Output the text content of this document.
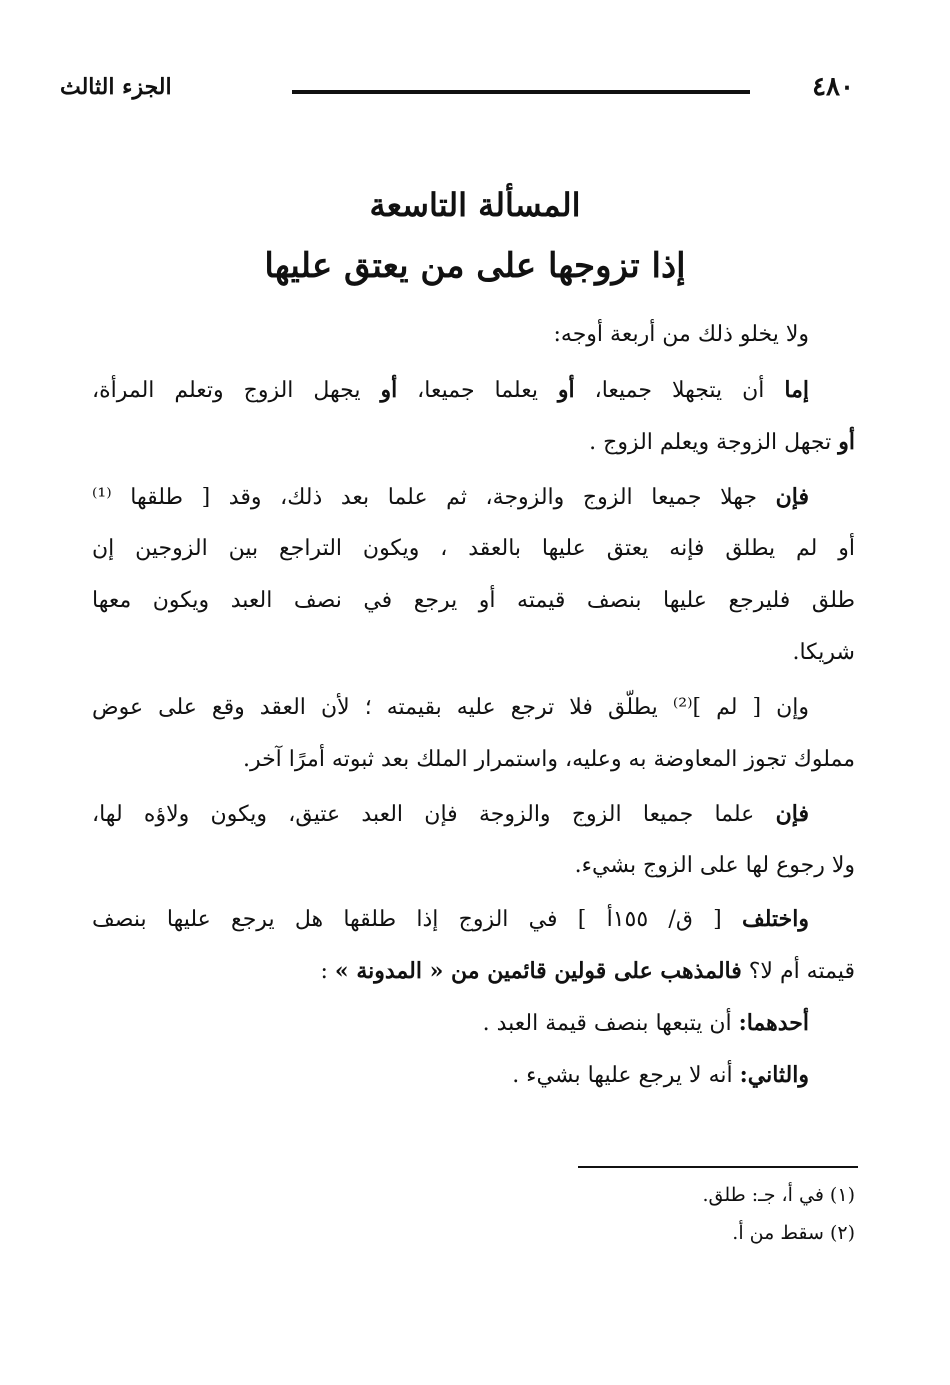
الجزء الثالث	٤٨٠
المسألة التاسعة
إذا تزوجها على من يعتق عليها
ولا يخلو ذلك من أربعة أوجه:
إما أن يتجهلا جميعا، أو يعلما جميعا، أو يجهل الزوج وتعلم المرأة،
أو تجهل الزوجة ويعلم الزوج .
فإن جهلا جميعا الزوج والزوجة، ثم علما بعد ذلك، وقد [ طلقها ⁽¹⁾
أو لم يطلق فإنه يعتق عليها بالعقد ، ويكون التراجع بين الزوجين إن
طلق فليرجع عليها بنصف قيمته أو يرجع في نصف العبد ويكون معها
شريكا.
وإن [ لم ]⁽²⁾ يطلّق فلا ترجع عليه بقيمته ؛ لأن العقد وقع على عوض
مملوك تجوز المعاوضة به وعليه، واستمرار الملك بعد ثبوته أمرًا آخر.
فإن علما جميعا الزوج والزوجة فإن العبد عتيق، ويكون ولاؤه لها،
ولا رجوع لها على الزوج بشيء.
واختلف [ ق/ ١٥٥أ ] في الزوج إذا طلقها هل يرجع عليها بنصف
قيمته أم لا؟ فالمذهب على قولين قائمين من « المدونة » :
أحدهما: أن يتبعها بنصف قيمة العبد .
والثاني: أنه لا يرجع عليها بشيء .
(١) في أ، جـ: طلق.
(٢) سقط من أ.
